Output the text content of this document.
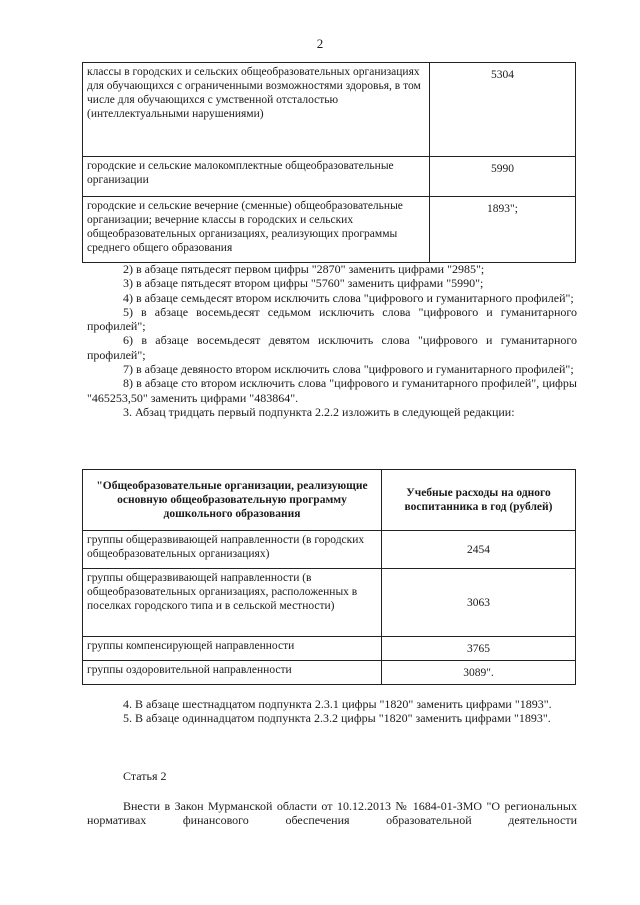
2
классы в городских и сельских общеобразовательных организациях для обучающихся с ограниченными возможностями здоровья, в том числе для обучающихся с умственной отсталостью (интеллектуальными нарушениями)	5304
городские и сельские малокомплектные общеобразовательные организации	5990
городские и сельские вечерние (сменные) общеобразовательные организации; вечерние классы в городских и сельских общеобразовательных организациях, реализующих программы среднего общего образования	1893";
2) в абзаце пятьдесят первом цифры "2870" заменить цифрами "2985";
3) в абзаце пятьдесят втором цифры "5760" заменить цифрами "5990";
4) в абзаце семьдесят втором исключить слова "цифрового и гуманитарного профилей";
5) в абзаце восемьдесят седьмом исключить слова "цифрового и гуманитарного профилей";
6) в абзаце восемьдесят девятом исключить слова "цифрового и гуманитарного профилей";
7) в абзаце девяносто втором исключить слова "цифрового и гуманитарного профилей";
8) в абзаце сто втором исключить слова "цифрового и гуманитарного профилей", цифры "465253,50" заменить цифрами "483864".
3. Абзац тридцать первый подпункта 2.2.2 изложить в следующей редакции:
"Общеобразовательные организации, реализующие основную общеобразовательную программу дошкольного образования	Учебные расходы на одного воспитанника в год (рублей)
группы общеразвивающей направленности (в городских общеобразовательных организациях)	2454
группы общеразвивающей направленности (в общеобразовательных организациях, расположенных в поселках городского типа и в сельской местности)	3063
группы компенсирующей направленности	3765
группы оздоровительной направленности	3089".
4. В абзаце шестнадцатом подпункта 2.3.1 цифры "1820" заменить цифрами "1893".
5. В абзаце одиннадцатом подпункта 2.3.2 цифры "1820" заменить цифрами "1893".
Статья 2
Внести в Закон Мурманской области от 10.12.2013 № 1684-01-ЗМО "О региональных нормативах финансового обеспечения образовательной деятельности
